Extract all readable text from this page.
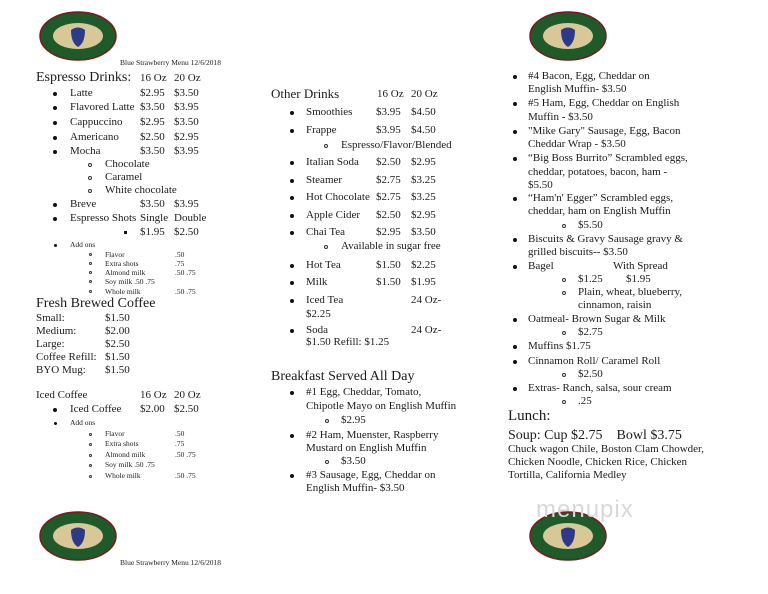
menupix
Blue Strawberry Menu 12/6/2018
Blue Strawberry Menu 12/6/2018
Espresso Drinks: 16 Oz 20 Oz
Latte	$2.95 $3.50
Flavored Latte $3.50 $3.95
Cappuccino $2.95 $3.50
Americano $2.50 $2.95
Mocha	$3.50 $3.95
Chocolate
Caramel
White chocolate
Breve	$3.50 $3.95
Espresso Shots Single Double
$1.95 $2.50
Add ons
Flavor	.50
Extra shots	.75
Almond milk	.50 .75
Soy milk .50 .75
Whole milk	.50 .75
Fresh Brewed Coffee
Small:	$1.50
Medium:	$2.00
Large:	$2.50
Coffee Refill: $1.50
BYO Mug: $1.50
Iced Coffee	16 Oz 20 Oz
Iced Coffee $2.00 $2.50
Add ons
Flavor	.50
Extra shots	.75
Almond milk	.50 .75
Soy milk .50 .75
Whole milk	.50 .75
Other Drinks	16 Oz 20 Oz
Smoothies $3.95 $4.50
Frappe	$3.95 $4.50
Espresso/Flavor/Blended
Italian Soda $2.50 $2.95
Steamer	$2.75 $3.25
Hot Chocolate $2.75 $3.25
Apple Cider $2.50 $2.95
Chai Tea	$2.95 $3.50
Available in sugar free
Hot Tea	$1.50 $2.25
Milk	$1.50 $1.95
Iced Tea	24 Oz-
$2.25
Soda	24 Oz-
$1.50 Refill: $1.25
Breakfast Served All Day
#1 Egg, Cheddar, Tomato,
Chipotle Mayo on English Muffin
$2.95
#2 Ham, Muenster, Raspberry
Mustard on English Muffin
$3.50
#3 Sausage, Egg, Cheddar on
English Muffin- $3.50
#4 Bacon, Egg, Cheddar on
English Muffin- $3.50
#5 Ham, Egg, Cheddar on English
Muffin - $3.50
"Mike Gary" Sausage, Egg, Bacon
Cheddar Wrap - $3.50
“Big Boss Burrito” Scrambled eggs,
cheddar, potatoes, bacon, ham -
$5.50
“Ham'n' Egger” Scrambled eggs,
cheddar, ham on English Muffin
$5.50
Biscuits & Gravy Sausage gravy &
grilled biscuits-- $3.50
Bagel	With Spread
$1.25 $1.95
Plain, wheat, blueberry,
cinnamon, raisin
Oatmeal- Brown Sugar & Milk
$2.75
Muffins $1.75
Cinnamon Roll/ Caramel Roll
$2.50
Extras- Ranch, salsa, sour cream
.25
Lunch:
Soup: Cup $2.75    Bowl $3.75
Chuck wagon Chile, Boston Clam Chowder,
Chicken Noodle, Chicken Rice, Chicken
Tortilla, California Medley
